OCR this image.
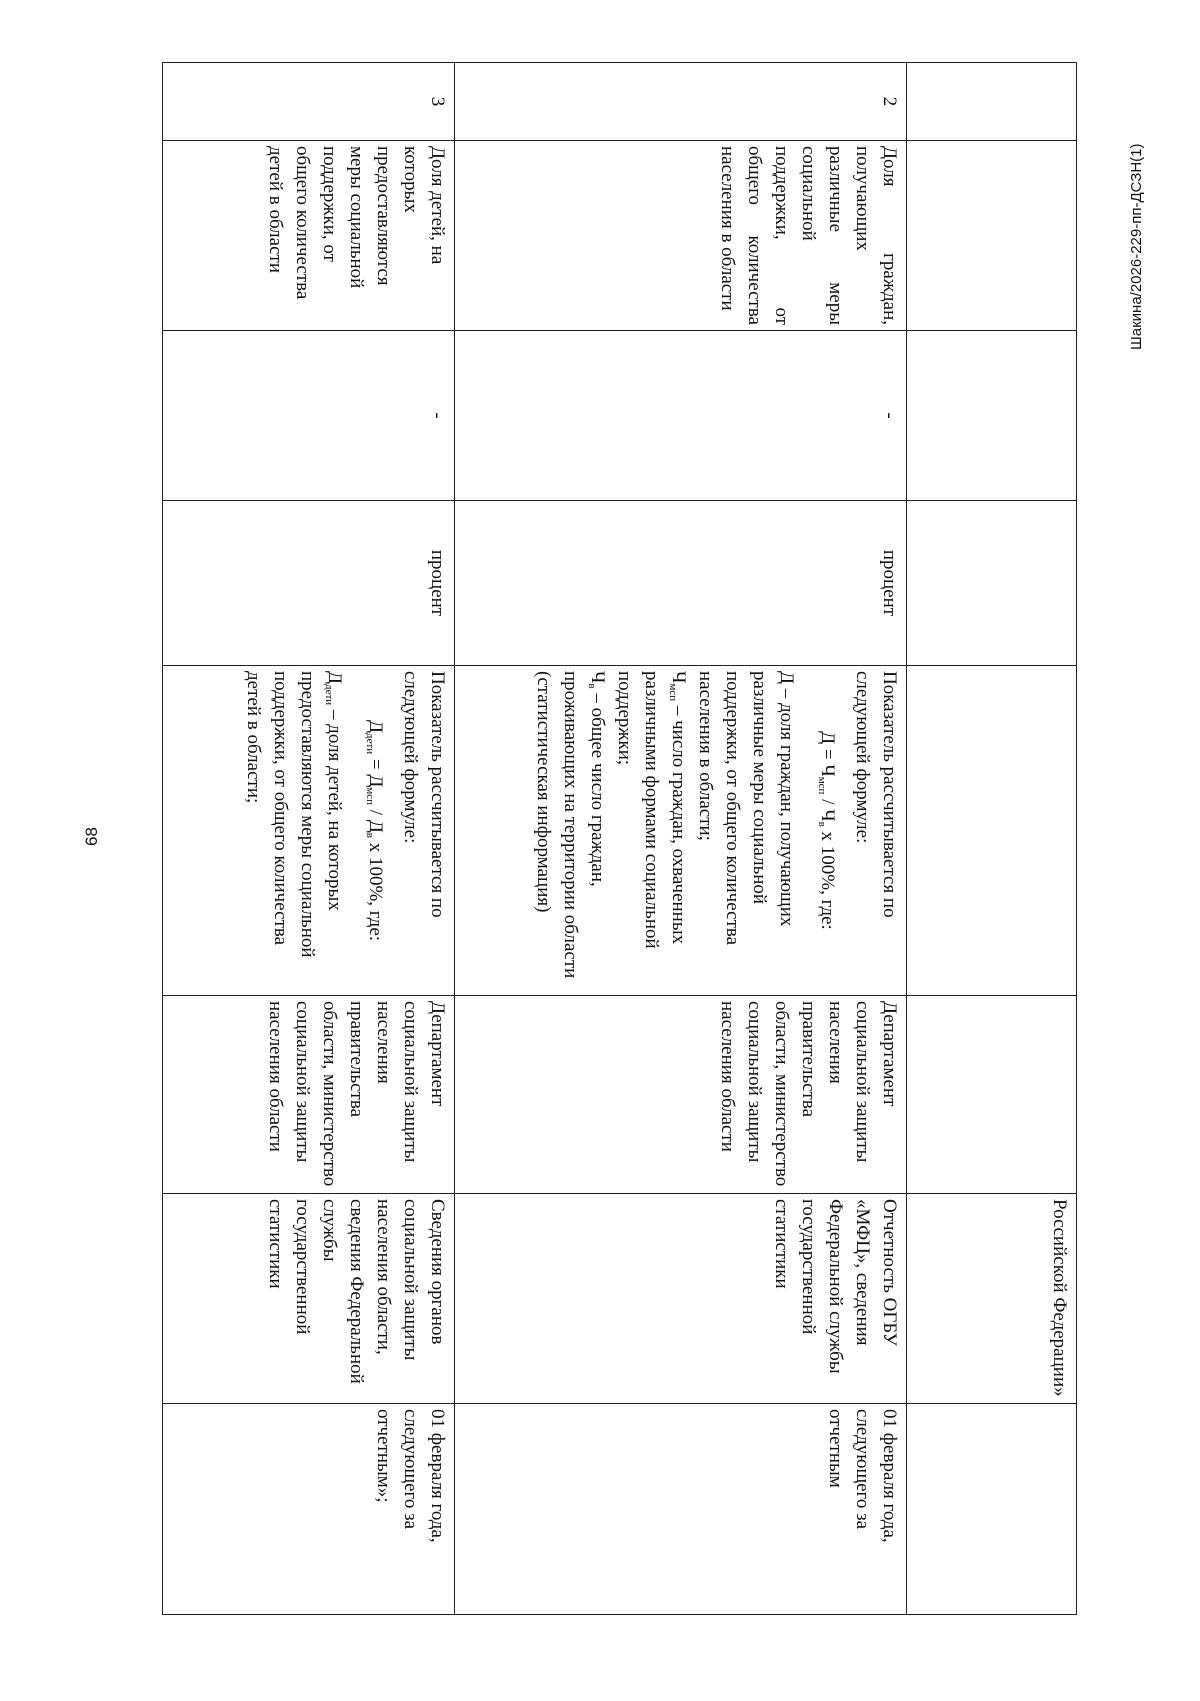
68
						Российской Федерации»	
2	Доля граждан, получающих различные меры социальной поддержки, от общего количества населения в области	-	процент	Показатель рассчитывается по следующей формуле:
$Д = Ч_{мсп} / Ч_в$ х 100%, где:
Д – доля граждан, получающих различные меры социальной поддержки, от общего количества населения в области;
$Ч_{мсп}$ – число граждан, охваченных различными формами социальной поддержки;
$Ч_в$ – общее число граждан, проживающих на территории области (статистическая информация)	Департамент социальной защиты населения правительства области, министерство социальной защиты населения области	Отчетность ОГБУ «МФЦ», сведения Федеральной службы государственной статистики	01 февраля года, следующего за отчетным
3	Доля детей, на которых предоставляются меры социальной поддержки, от общего количества детей в области	-	процент	Показатель рассчитывается по следующей формуле:
$Д_{дети} = Д_{мсп} / Д_в$ х 100%, где:
$Д_{дети}$ – доля детей, на которых предоставляются меры социальной поддержки, от общего количества детей в области;	Департамент социальной защиты населения правительства области, министерство социальной защиты населения области	Сведения органов социальной защиты населения области, сведения Федеральной службы государственной статистики	01 февраля года, следующего за отчетным»;
Шакина/2026-229-пп-ДСЗН(1)
